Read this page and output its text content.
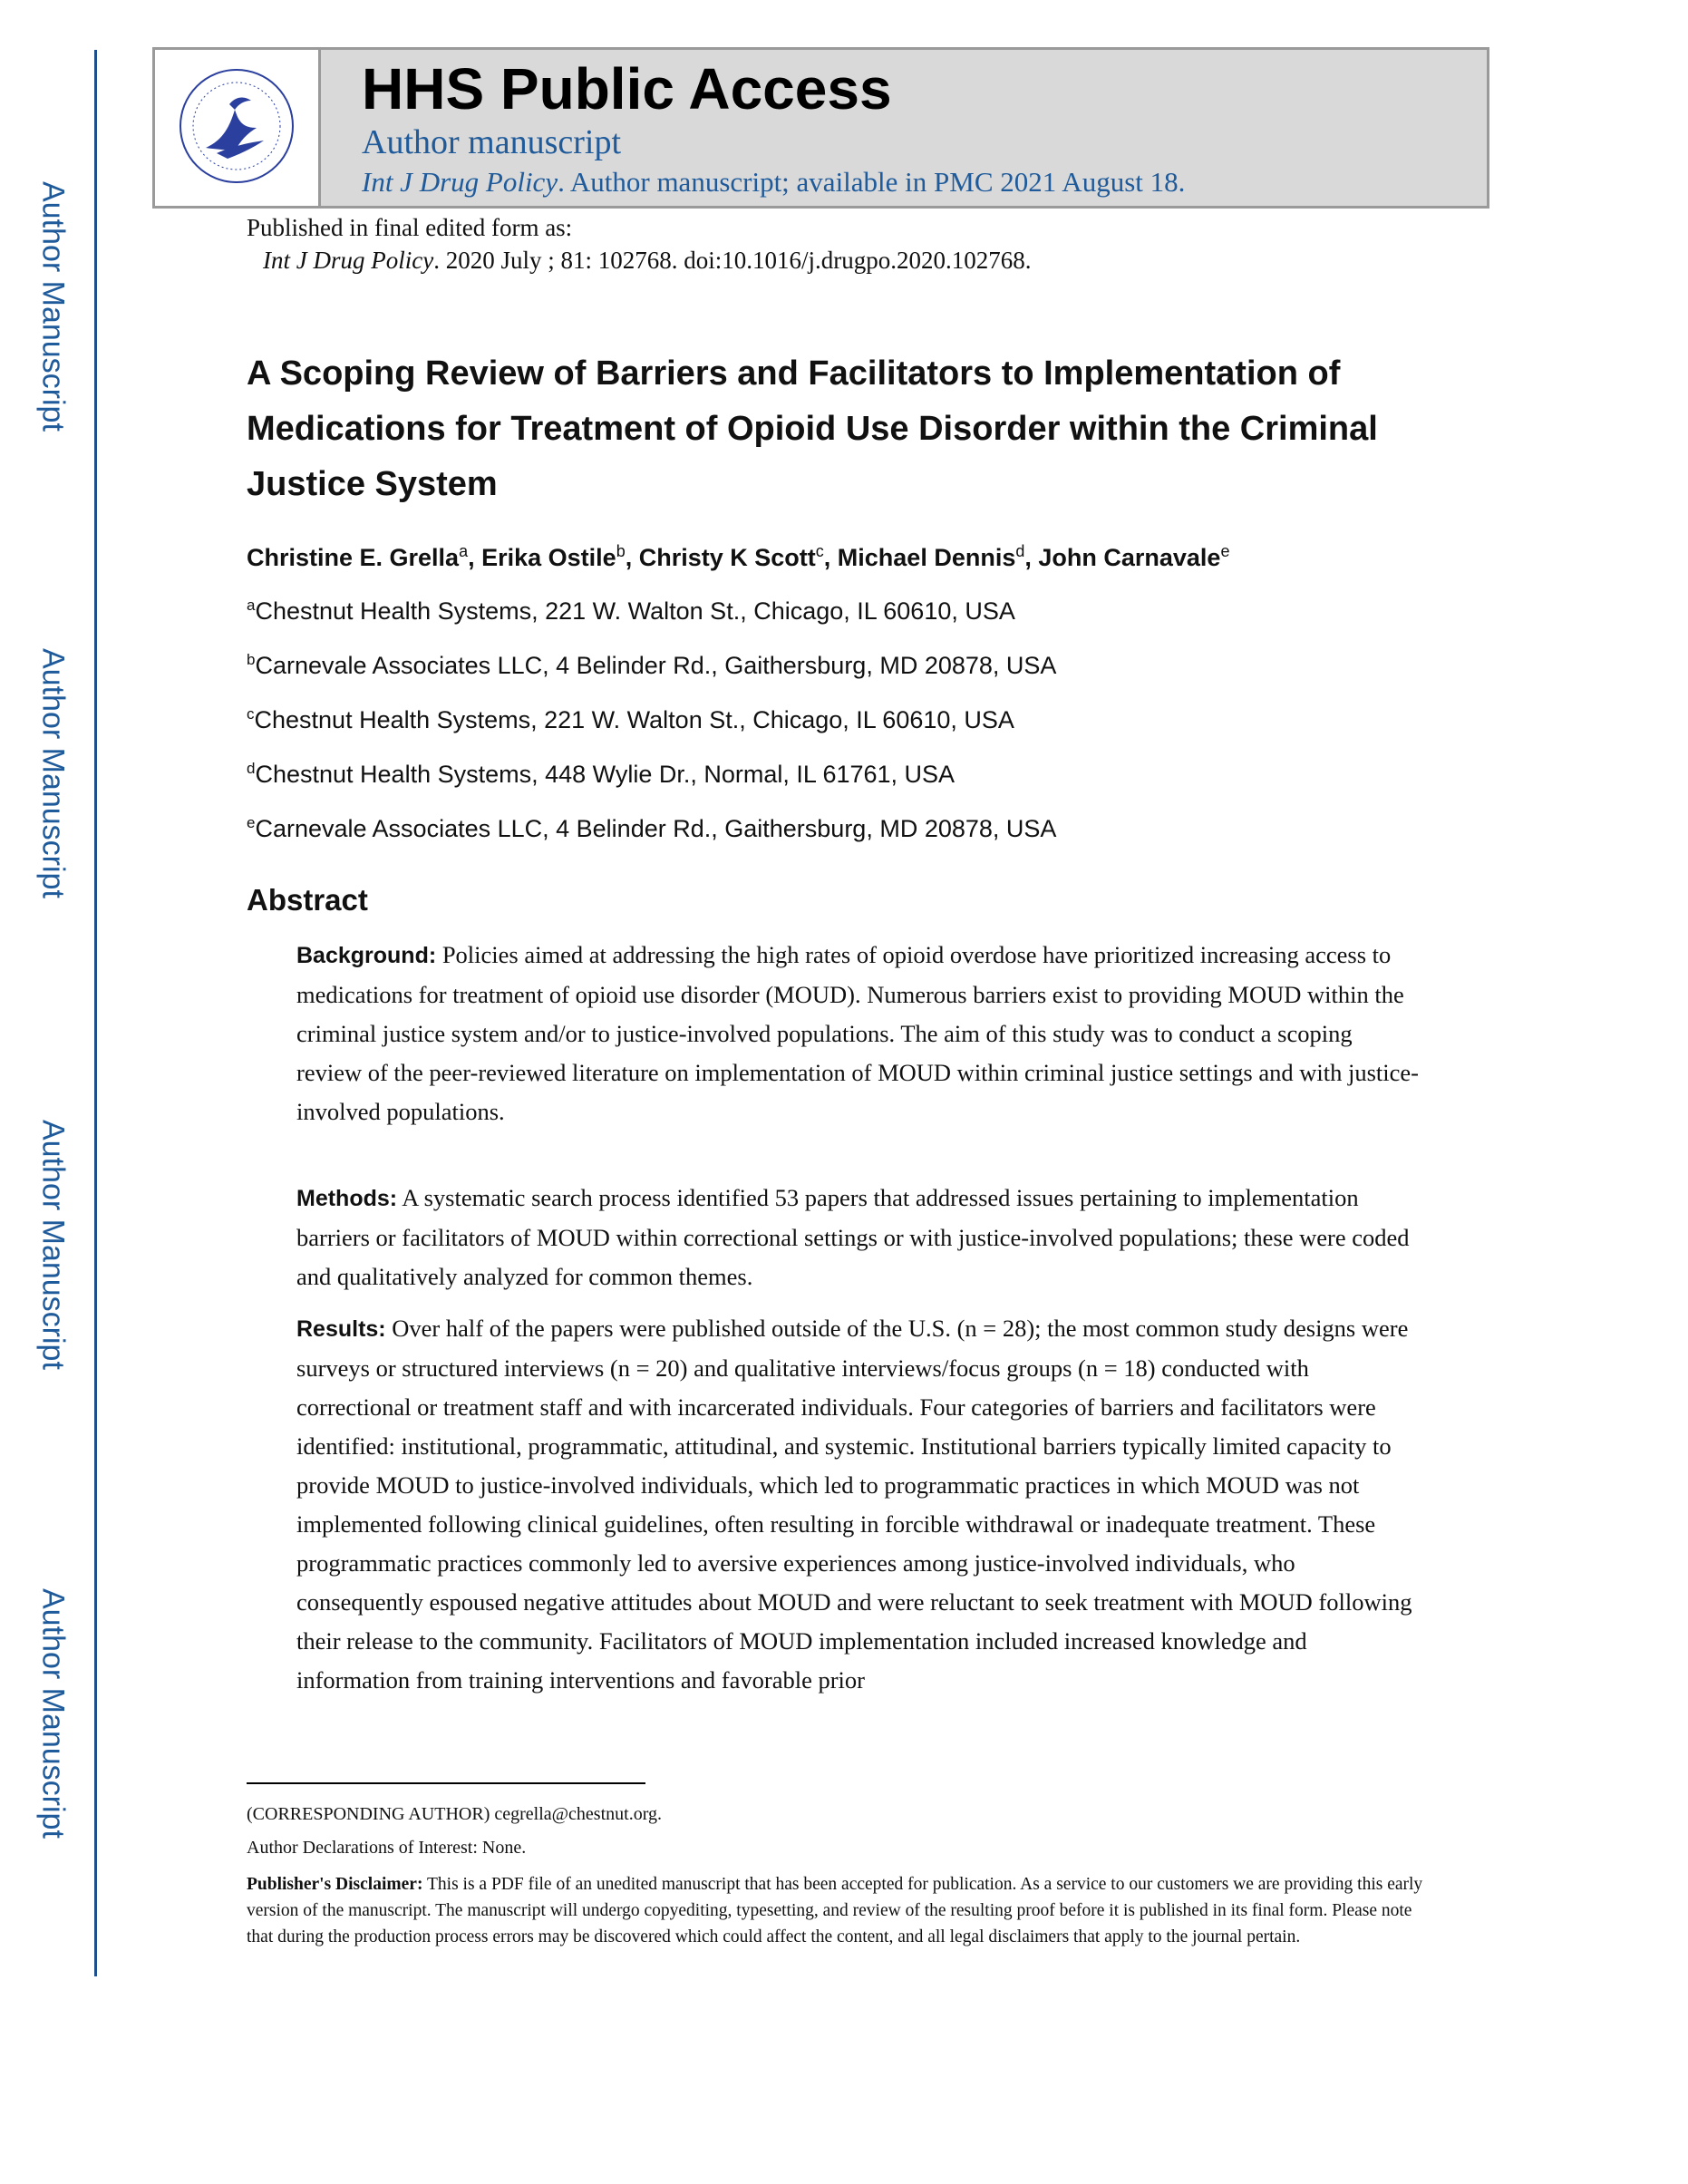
Author Manuscript
Author Manuscript
Author Manuscript
Author Manuscript
HHS Public Access
Author manuscript
Int J Drug Policy. Author manuscript; available in PMC 2021 August 18.
Published in final edited form as:
Int J Drug Policy. 2020 July ; 81: 102768. doi:10.1016/j.drugpo.2020.102768.
A Scoping Review of Barriers and Facilitators to Implementation of Medications for Treatment of Opioid Use Disorder within the Criminal Justice System
Christine E. Grella$^a$, Erika Ostile$^b$, Christy K Scott$^c$, Michael Dennis$^d$, John Carnavale$^e$
$^a$Chestnut Health Systems, 221 W. Walton St., Chicago, IL 60610, USA
$^b$Carnevale Associates LLC, 4 Belinder Rd., Gaithersburg, MD 20878, USA
$^c$Chestnut Health Systems, 221 W. Walton St., Chicago, IL 60610, USA
$^d$Chestnut Health Systems, 448 Wylie Dr., Normal, IL 61761, USA
$^e$Carnevale Associates LLC, 4 Belinder Rd., Gaithersburg, MD 20878, USA
Abstract
Background: Policies aimed at addressing the high rates of opioid overdose have prioritized increasing access to medications for treatment of opioid use disorder (MOUD). Numerous barriers exist to providing MOUD within the criminal justice system and/or to justice-involved populations. The aim of this study was to conduct a scoping review of the peer-reviewed literature on implementation of MOUD within criminal justice settings and with justice-involved populations.
Methods: A systematic search process identified 53 papers that addressed issues pertaining to implementation barriers or facilitators of MOUD within correctional settings or with justice-involved populations; these were coded and qualitatively analyzed for common themes.
Results: Over half of the papers were published outside of the U.S. (n = 28); the most common study designs were surveys or structured interviews (n = 20) and qualitative interviews/focus groups (n = 18) conducted with correctional or treatment staff and with incarcerated individuals. Four categories of barriers and facilitators were identified: institutional, programmatic, attitudinal, and systemic. Institutional barriers typically limited capacity to provide MOUD to justice-involved individuals, which led to programmatic practices in which MOUD was not implemented following clinical guidelines, often resulting in forcible withdrawal or inadequate treatment. These programmatic practices commonly led to aversive experiences among justice-involved individuals, who consequently espoused negative attitudes about MOUD and were reluctant to seek treatment with MOUD following their release to the community. Facilitators of MOUD implementation included increased knowledge and information from training interventions and favorable prior
(CORRESPONDING AUTHOR) cegrella@chestnut.org.
Author Declarations of Interest: None.
Publisher's Disclaimer: This is a PDF file of an unedited manuscript that has been accepted for publication. As a service to our customers we are providing this early version of the manuscript. The manuscript will undergo copyediting, typesetting, and review of the resulting proof before it is published in its final form. Please note that during the production process errors may be discovered which could affect the content, and all legal disclaimers that apply to the journal pertain.
